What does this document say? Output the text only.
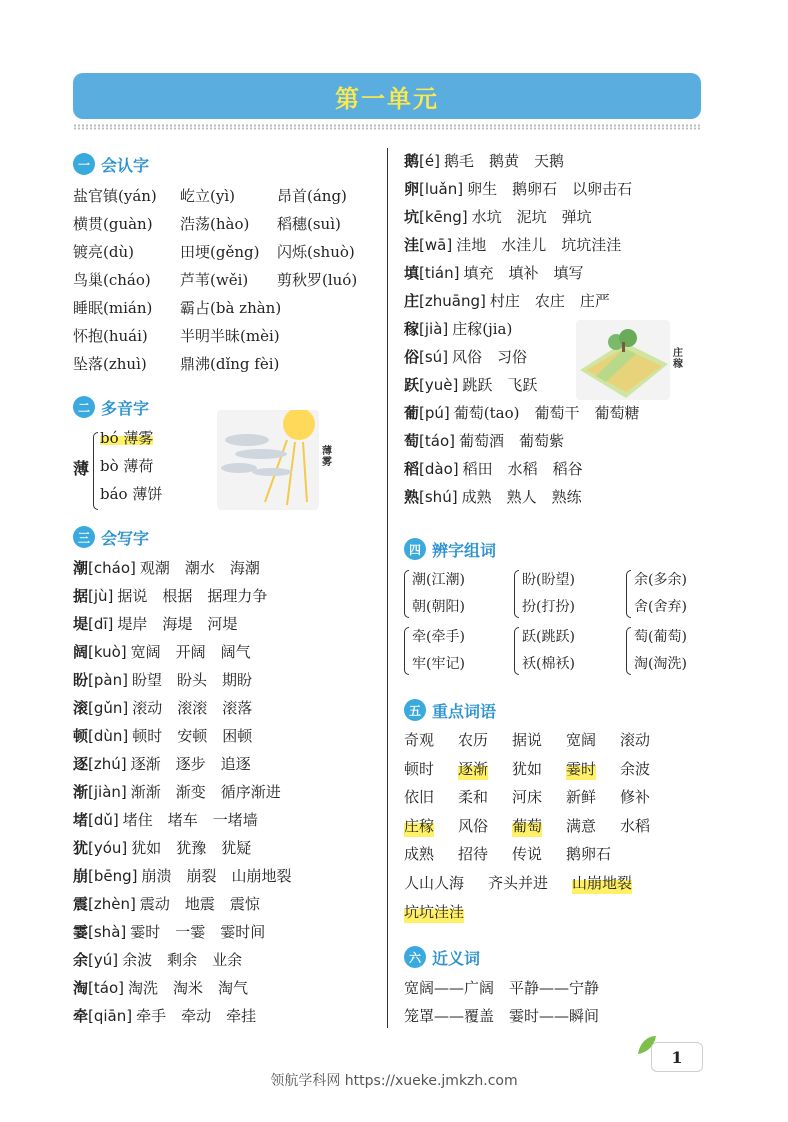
第一单元
一 会认字
盐官镇(yán) 屹立(yì)	昂首(áng)
横贯(guàn) 浩荡(hào) 稻穗(suì)
镀亮(dù)	田埂(gěng) 闪烁(shuò)
鸟巢(cháo) 芦苇(wěi) 剪秋罗(luó)
睡眠(mián) 霸占(bà zhàn)
怀抱(huái) 半明半昧(mèi)
坠落(zhuì) 鼎沸(dǐng fèi)
二 多音字
薄
bó 薄雾
bò 薄荷
báo 薄饼
薄雾
三 会写字
潮[cháo] 观潮　潮水　海潮
据[jù] 据说　根据　据理力争
堤[dī] 堤岸　海堤　河堤
阔[kuò] 宽阔　开阔　阔气
盼[pàn] 盼望　盼头　期盼
滚[gǔn] 滚动　滚滚　滚落
顿[dùn] 顿时　安顿　困顿
逐[zhú] 逐渐　逐步　追逐
渐[jiàn] 渐渐　渐变　循序渐进
堵[dǔ] 堵住　堵车　一堵墙
犹[yóu] 犹如　犹豫　犹疑
崩[bēng] 崩溃　崩裂　山崩地裂
震[zhèn] 震动　地震　震惊
霎[shà] 霎时　一霎　霎时间
余[yú] 余波　剩余　业余
淘[táo] 淘洗　淘米　淘气
牵[qiān] 牵手　牵动　牵挂
鹅[é] 鹅毛　鹅黄　天鹅
卵[luǎn] 卵生　鹅卵石　以卵击石
坑[kēng] 水坑　泥坑　弹坑
洼[wā] 洼地　水洼儿　坑坑洼洼
填[tián] 填充　填补　填写
庄[zhuāng] 村庄　农庄　庄严
稼[jià] 庄稼(jia)
俗[sú] 风俗　习俗
跃[yuè] 跳跃　飞跃
葡[pú] 葡萄(tao)　葡萄干　葡萄糖
萄[táo] 葡萄酒　葡萄紫
稻[dào] 稻田　水稻　稻谷
熟[shú] 成熟　熟人　熟练
庄稼
四 辨字组词
潮(江潮)
朝(朝阳)
盼(盼望)
扮(打扮)
余(多余)
舍(舍弃)
牵(牵手)
牢(牢记)
跃(跳跃)
袄(棉袄)
萄(葡萄)
淘(淘洗)
五 重点词语
奇观 农历 据说 宽阔 滚动
顿时 逐渐 犹如 霎时 余波
依旧 柔和 河床 新鲜 修补
庄稼 风俗 葡萄 满意 水稻
成熟 招待 传说 鹅卵石
人山人海 齐头并进 山崩地裂
坑坑洼洼
六 近义词
宽阔——广阔　平静——宁静
笼罩——覆盖　霎时——瞬间
1
领航学科网 https://xueke.jmkzh.com
